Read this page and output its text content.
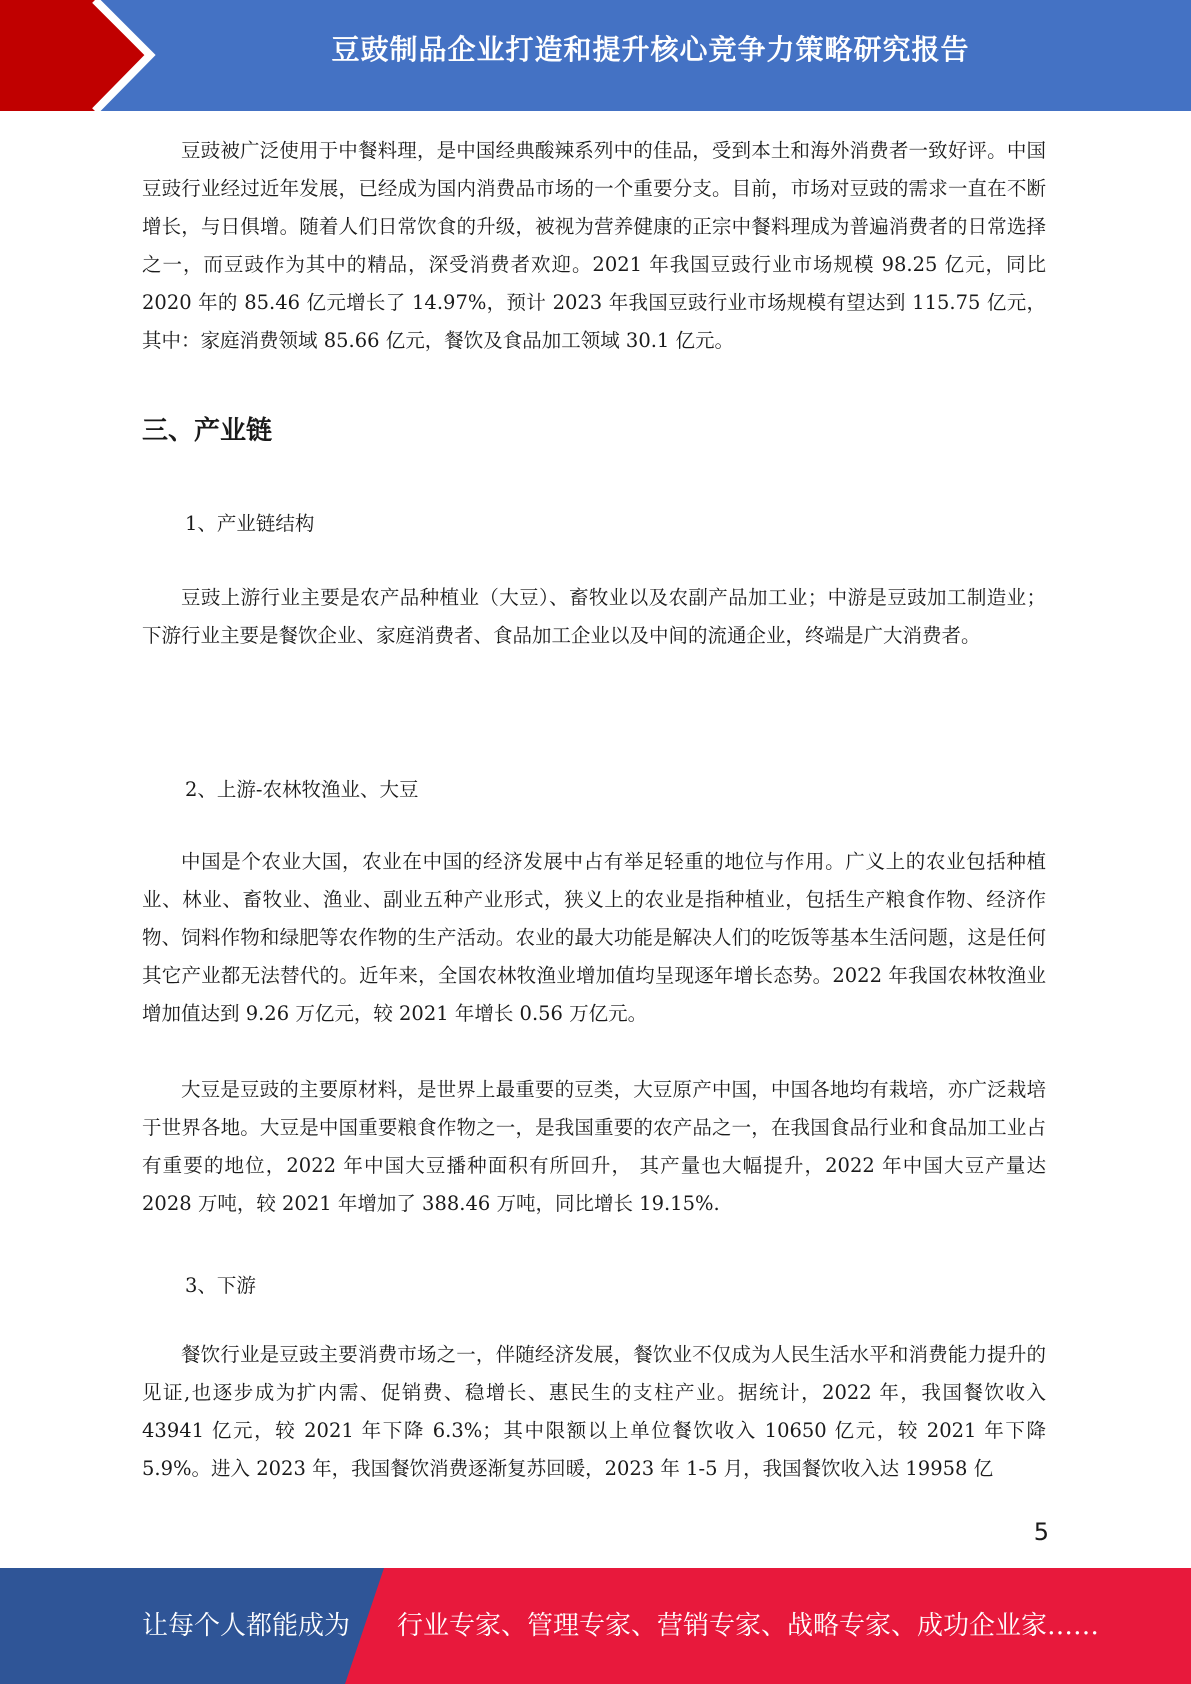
豆豉制品企业打造和提升核心竞争力策略研究报告

豆豉被广泛使用于中餐料理，是中国经典酸辣系列中的佳品，受到本土和海外消费者一致好评。中国豆豉行业经过近年发展，已经成为国内消费品市场的一个重要分支。目前，市场对豆豉的需求一直在不断增长，与日俱增。随着人们日常饮食的升级，被视为营养健康的正宗中餐料理成为普遍消费者的日常选择之一，而豆豉作为其中的精品，深受消费者欢迎。2021 年我国豆豉行业市场规模 98.25 亿元，同比 2020 年的 85.46 亿元增长了 14.97%，预计 2023 年我国豆豉行业市场规模有望达到 115.75 亿元，其中：家庭消费领域 85.66 亿元，餐饮及食品加工领域 30.1 亿元。

三、产业链

1、产业链结构

豆豉上游行业主要是农产品种植业（大豆）、畜牧业以及农副产品加工业；中游是豆豉加工制造业；下游行业主要是餐饮企业、家庭消费者、食品加工企业以及中间的流通企业，终端是广大消费者。

2、上游-农林牧渔业、大豆

中国是个农业大国，农业在中国的经济发展中占有举足轻重的地位与作用。广义上的农业包括种植业、林业、畜牧业、渔业、副业五种产业形式，狭义上的农业是指种植业，包括生产粮食作物、经济作物、饲料作物和绿肥等农作物的生产活动。农业的最大功能是解决人们的吃饭等基本生活问题，这是任何其它产业都无法替代的。近年来，全国农林牧渔业增加值均呈现逐年增长态势。2022 年我国农林牧渔业增加值达到 9.26 万亿元，较 2021 年增长 0.56 万亿元。

大豆是豆豉的主要原材料，是世界上最重要的豆类，大豆原产中国，中国各地均有栽培，亦广泛栽培于世界各地。大豆是中国重要粮食作物之一，是我国重要的农产品之一，在我国食品行业和食品加工业占有重要的地位，2022 年中国大豆播种面积有所回升， 其产量也大幅提升，2022 年中国大豆产量达 2028 万吨，较 2021 年增加了 388.46 万吨，同比增长 19.15%.

3、下游

餐饮行业是豆豉主要消费市场之一，伴随经济发展，餐饮业不仅成为人民生活水平和消费能力提升的见证,也逐步成为扩内需、促销费、稳增长、惠民生的支柱产业。据统计，2022 年，我国餐饮收入 43941 亿元，较 2021 年下降 6.3%；其中限额以上单位餐饮收入 10650 亿元，较 2021 年下降 5.9%。进入 2023 年，我国餐饮消费逐渐复苏回暖，2023 年 1-5 月，我国餐饮收入达 19958 亿

5
让每个人都能成为 行业专家、管理专家、营销专家、战略专家、成功企业家……
